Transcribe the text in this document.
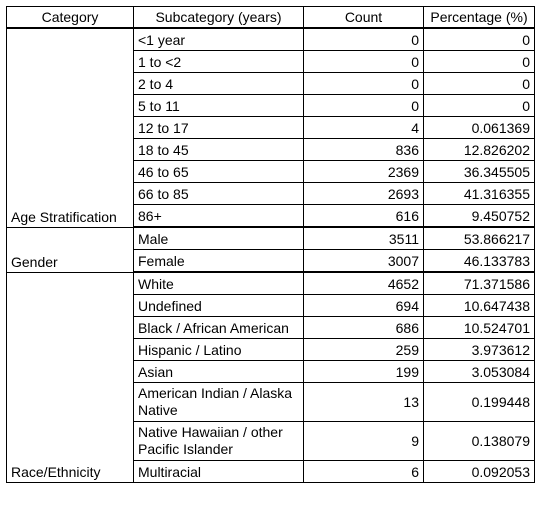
Category	Subcategory (years)	Count	Percentage (%)
Age Stratification	<1 year	0	0
	1 to <2	0	0
	2 to 4	0	0
	5 to 11	0	0
	12 to 17	4	0.061369
	18 to 45	836	12.826202
	46 to 65	2369	36.345505
	66 to 85	2693	41.316355
	86+	616	9.450752
Gender	Male	3511	53.866217
	Female	3007	46.133783
Race/Ethnicity	White	4652	71.371586
	Undefined	694	10.647438
	Black / African American	686	10.524701
	Hispanic / Latino	259	3.973612
	Asian	199	3.053084
	American Indian / Alaska Native	13	0.199448
	Native Hawaiian / other Pacific Islander	9	0.138079
	Multiracial	6	0.092053
